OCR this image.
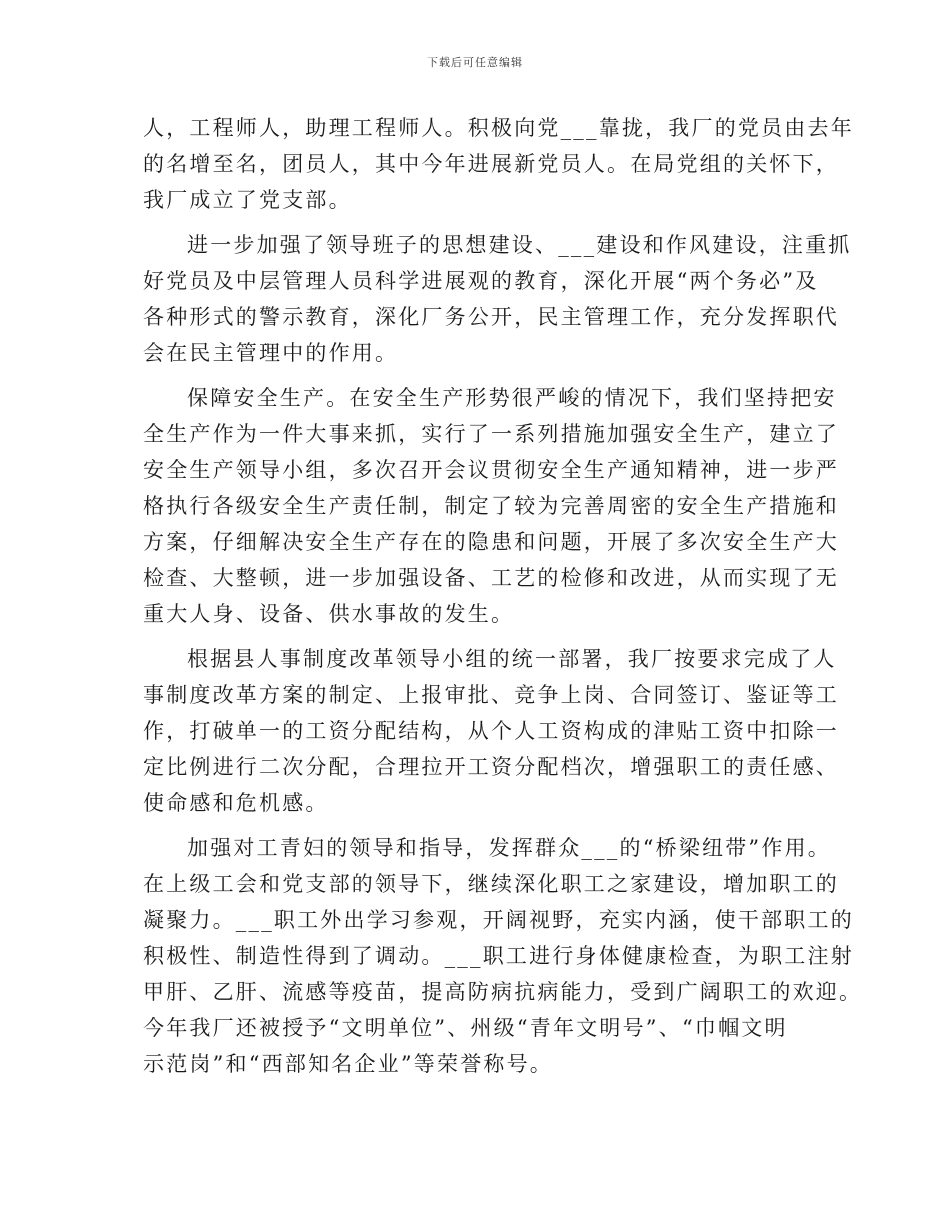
下载后可任意编辑
人，工程师人，助理工程师人。积极向党___靠拢，我厂的党员由去年
的名增至名，团员人，其中今年进展新党员人。在局党组的关怀下，
我厂成立了党支部。
进一步加强了领导班子的思想建设、___建设和作风建设，注重抓
好党员及中层管理人员科学进展观的教育，深化开展“两个务必”及
各种形式的警示教育，深化厂务公开，民主管理工作，充分发挥职代
会在民主管理中的作用。
保障安全生产。在安全生产形势很严峻的情况下，我们坚持把安
全生产作为一件大事来抓，实行了一系列措施加强安全生产，建立了
安全生产领导小组，多次召开会议贯彻安全生产通知精神，进一步严
格执行各级安全生产责任制，制定了较为完善周密的安全生产措施和
方案，仔细解决安全生产存在的隐患和问题，开展了多次安全生产大
检查、大整顿，进一步加强设备、工艺的检修和改进，从而实现了无
重大人身、设备、供水事故的发生。
根据县人事制度改革领导小组的统一部署，我厂按要求完成了人
事制度改革方案的制定、上报审批、竞争上岗、合同签订、鉴证等工
作，打破单一的工资分配结构，从个人工资构成的津贴工资中扣除一
定比例进行二次分配，合理拉开工资分配档次，增强职工的责任感、
使命感和危机感。
加强对工青妇的领导和指导，发挥群众___的“桥梁纽带”作用。
在上级工会和党支部的领导下，继续深化职工之家建设，增加职工的
凝聚力。___职工外出学习参观，开阔视野，充实内涵，使干部职工的
积极性、制造性得到了调动。___职工进行身体健康检查，为职工注射
甲肝、乙肝、流感等疫苗，提高防病抗病能力，受到广阔职工的欢迎。
今年我厂还被授予“文明单位”、州级“青年文明号”、“巾帼文明
示范岗”和“西部知名企业”等荣誉称号。
